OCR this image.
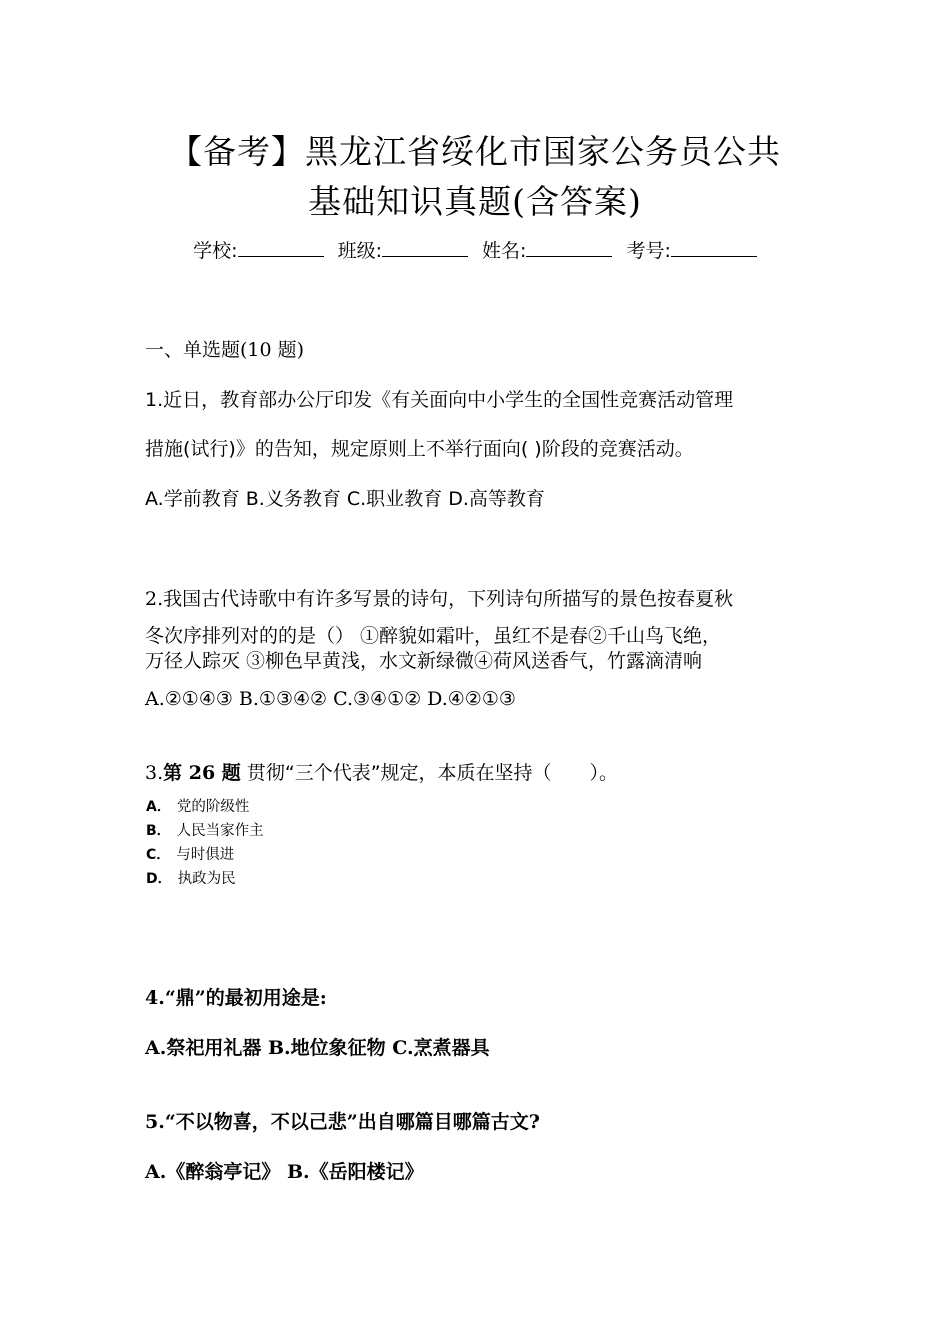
【备考】黑龙江省绥化市国家公务员公共
基础知识真题(含答案)
学校:	班级:	姓名:	考号:
一、单选题(10 题)
1.近日，教育部办公厅印发《有关面向中小学生的全国性竞赛活动管理
措施(试行)》的告知，规定原则上不举行面向( )阶段的竞赛活动。
A.学前教育 B.义务教育 C.职业教育 D.高等教育
2.我国古代诗歌中有许多写景的诗句，下列诗句所描写的景色按春夏秋
冬次序排列对的的是（） ①醉貌如霜叶，虽红不是春②千山鸟飞绝，
万径人踪灭 ③柳色早黄浅，水文新绿微④荷风送香气，竹露滴清响
A.②①④③ B.①③④② C.③④①② D.④②①③
3.第 26 题 贯彻“三个代表”规定，本质在坚持（　　）。
A． 党的阶级性
B． 人民当家作主
C． 与时俱进
D． 执政为民
4.“鼎”的最初用途是:
A.祭祀用礼器 B.地位象征物 C.烹煮器具
5.“不以物喜，不以己悲”出自哪篇目哪篇古文?
A.《醉翁亭记》 B.《岳阳楼记》
